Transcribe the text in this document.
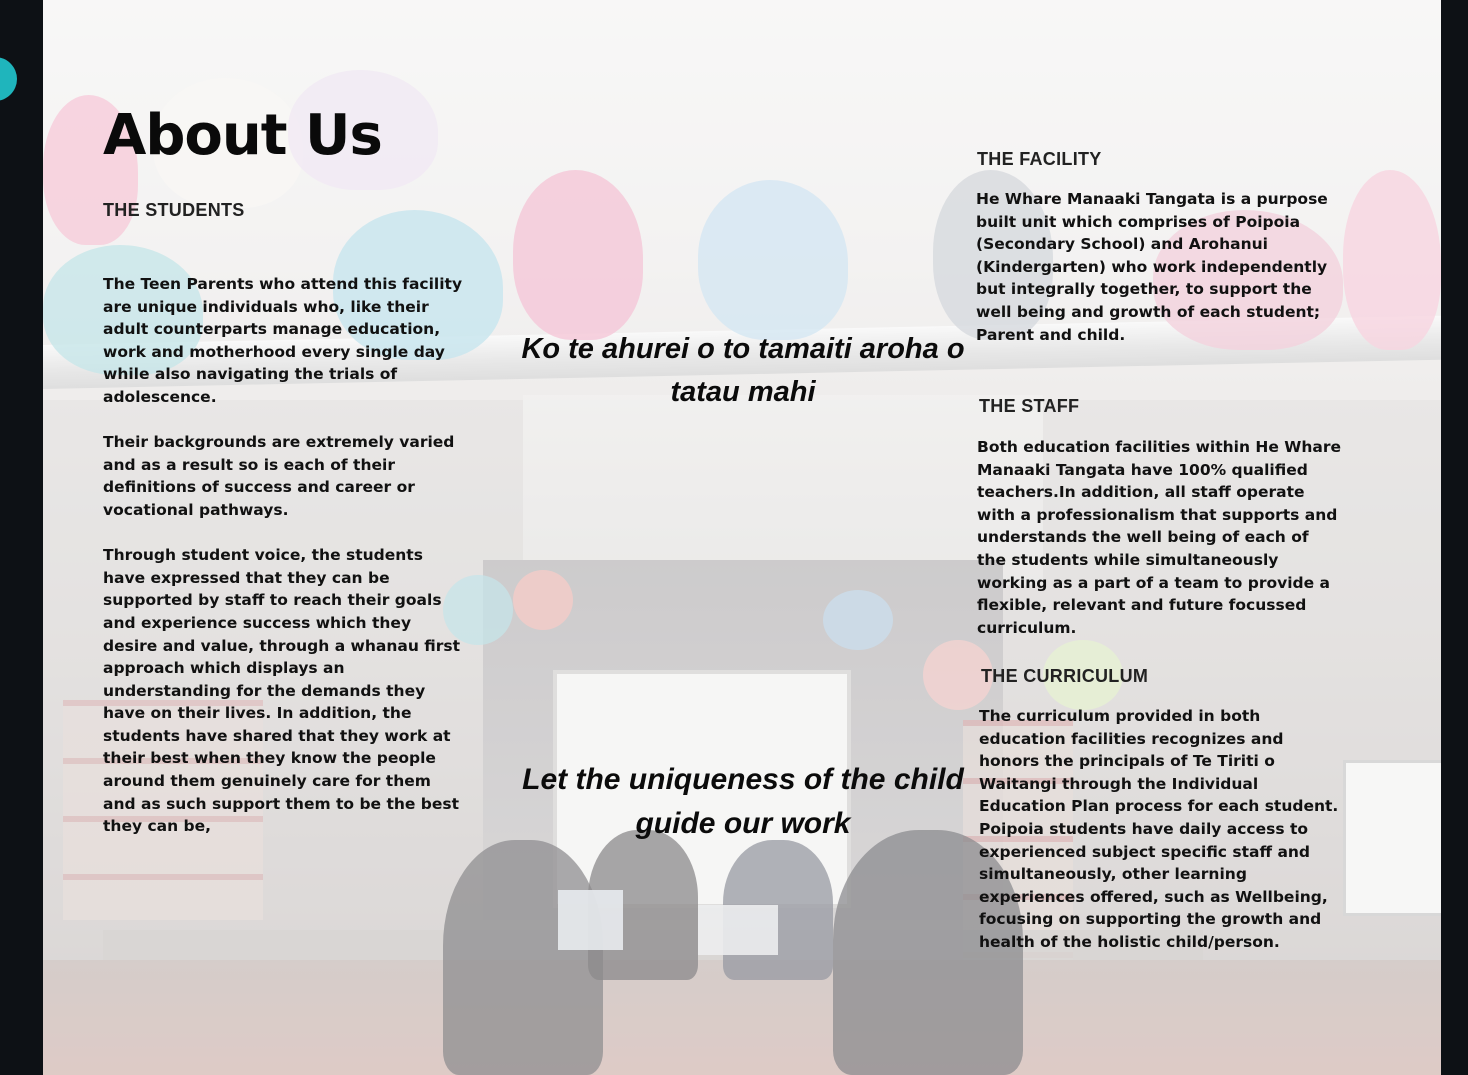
About Us
THE STUDENTS

The Teen Parents who attend this facility are unique individuals who, like their adult counterparts manage education, work and motherhood every single day while also navigating the trials of adolescence.

Their backgrounds are extremely varied and as a result so is each of their definitions of success and career or vocational pathways.

Through student voice, the students have expressed that they can be supported by staff to reach their goals and experience success which they desire and value, through a whanau first approach which displays an understanding for the demands they have on their lives. In addition, the students have shared that they work at their best when they know the people around them genuinely care for them and as such support them to be the best they can be,

Ko te ahurei o to tamaiti aroha o tatau mahi
Let the uniqueness of the child guide our work
THE FACILITY

He Whare Manaaki Tangata is a purpose built unit which comprises of Poipoia (Secondary School) and Arohanui (Kindergarten) who work independently but integrally together, to support the well being and growth of each student; Parent and child.

THE STAFF

Both education facilities within He Whare Manaaki Tangata have 100% qualified teachers.In addition, all staff operate with a professionalism that supports and understands the well being of each of the students while simultaneously working as a part of a team to provide a flexible, relevant and future focussed curriculum.

THE CURRICULUM

The curriculum provided in both education facilities recognizes and honors the principals of Te Tiriti o Waitangi through the Individual Education Plan process for each student. Poipoia students have daily access to experienced subject specific staff and simultaneously, other learning experiences offered, such as Wellbeing, focusing on supporting the growth and health of the holistic child/person.
